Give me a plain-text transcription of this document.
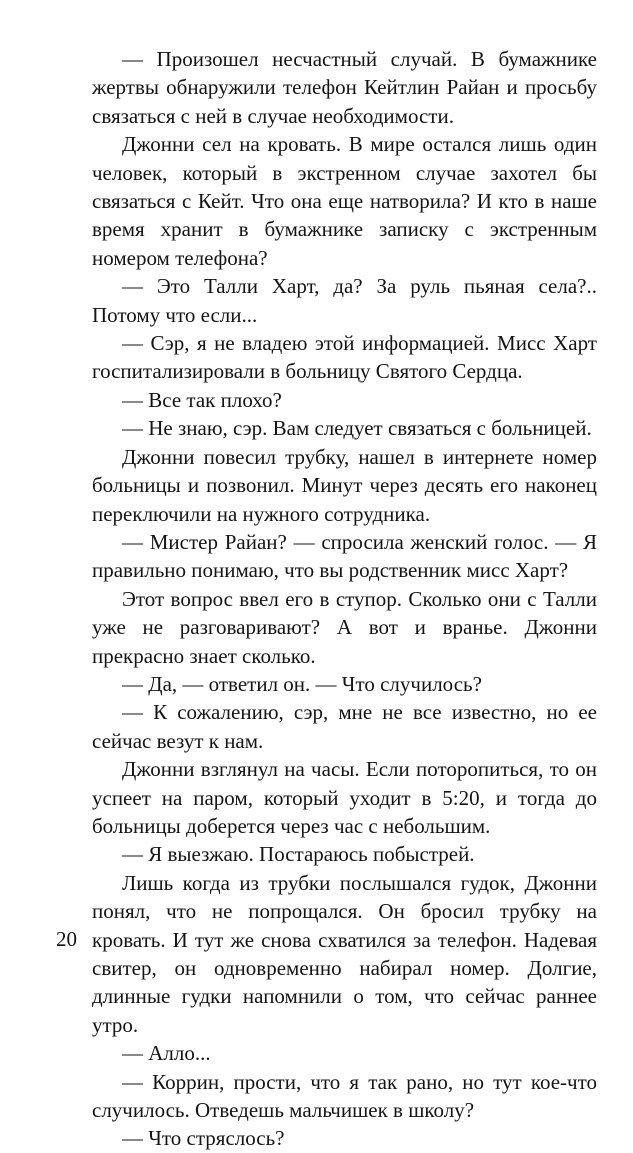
— Произошел несчастный случай. В бумажнике жертвы обнаружили телефон Кейтлин Райан и просьбу связаться с ней в случае необходимости.

Джонни сел на кровать. В мире остался лишь один человек, который в экстренном случае захотел бы связаться с Кейт. Что она еще натворила? И кто в наше время хранит в бумажнике записку с экстренным номером телефона?

— Это Талли Харт, да? За руль пьяная села?.. Потому что если...

— Сэр, я не владею этой информацией. Мисс Харт госпитализировали в больницу Святого Сердца.

— Все так плохо?

— Не знаю, сэр. Вам следует связаться с больницей.

Джонни повесил трубку, нашел в интернете номер больницы и позвонил. Минут через десять его наконец переключили на нужного сотрудника.

— Мистер Райан? — спросила женский голос. — Я правильно понимаю, что вы родственник мисс Харт?

Этот вопрос ввел его в ступор. Сколько они с Талли уже не разговаривают? А вот и вранье. Джонни прекрасно знает сколько.

— Да, — ответил он. — Что случилось?

— К сожалению, сэр, мне не все известно, но ее сейчас везут к нам.

Джонни взглянул на часы. Если поторопиться, то он успеет на паром, который уходит в 5:20, и тогда до больницы доберется через час с небольшим.

— Я выезжаю. Постараюсь побыстрей.

Лишь когда из трубки послышался гудок, Джонни понял, что не попрощался. Он бросил трубку на кровать. И тут же снова схватился за телефон. Надевая свитер, он одновременно набирал номер. Долгие, длинные гудки напомнили о том, что сейчас раннее утро.

— Алло...

— Коррин, прости, что я так рано, но тут кое-что случилось. Отведешь мальчишек в школу?

— Что стряслось?

20
